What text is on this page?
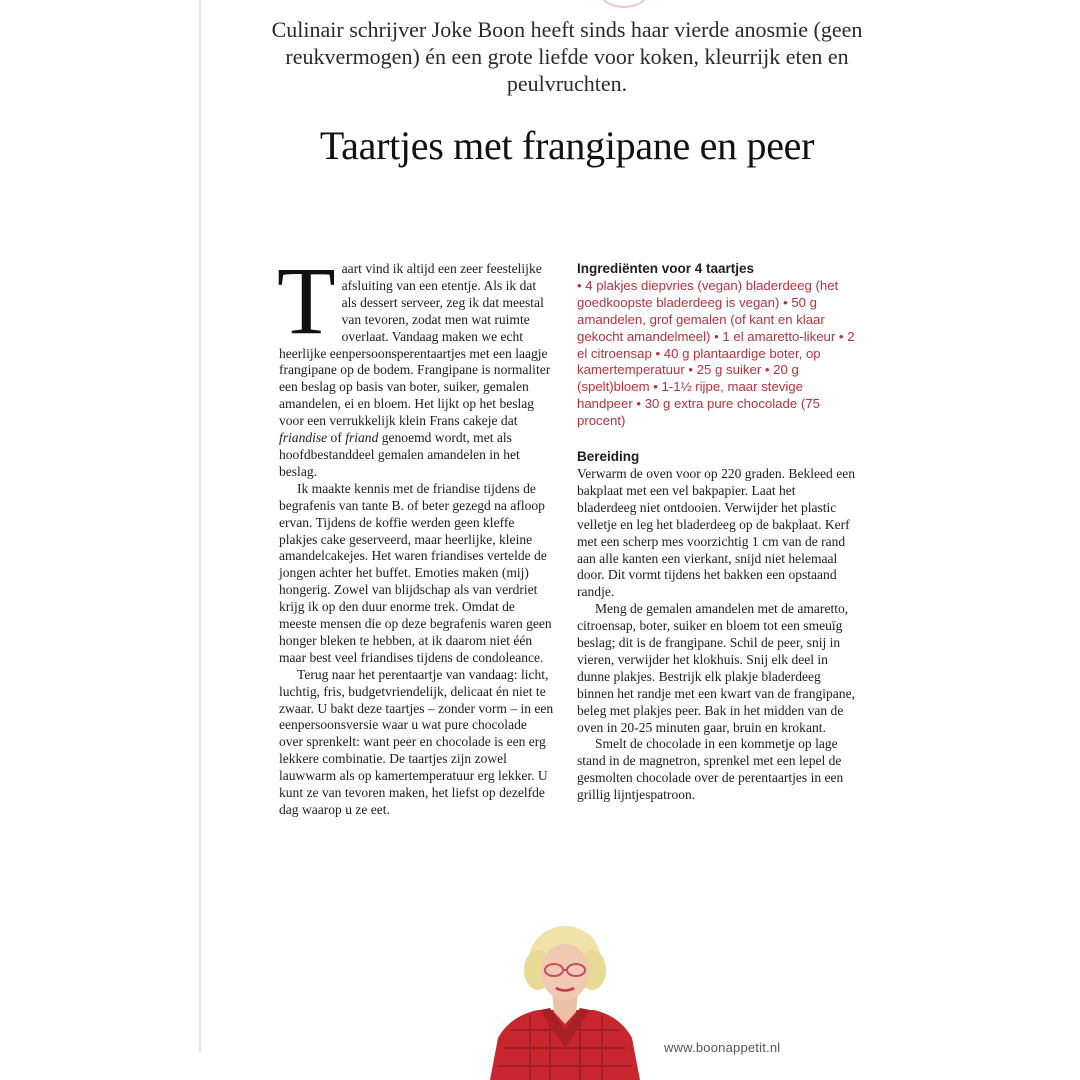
Culinair schrijver Joke Boon heeft sinds haar vierde anosmie (geen reukvermogen) én een grote liefde voor koken, kleurrijk eten en peulvruchten.

Taartjes met frangipane en peer
T aart vind ik altijd een zeer feestelijke afsluiting van een etentje. Als ik dat als dessert serveer, zeg ik dat meestal van tevoren, zodat men wat ruimte overlaat. Vandaag maken we echt heerlijke eenpersoonsperentaartjes met een laagje frangipane op de bodem. Frangipane is normaliter een beslag op basis van boter, suiker, gemalen amandelen, ei en bloem. Het lijkt op het beslag voor een verrukkelijk klein Frans cakeje dat friandise of friand genoemd wordt, met als hoofdbestanddeel gemalen amandelen in het beslag.

Ik maakte kennis met de friandise tijdens de begrafenis van tante B. of beter gezegd na afloop ervan. Tijdens de koffie werden geen kleffe plakjes cake geserveerd, maar heerlijke, kleine amandelcakejes. Het waren friandises vertelde de jongen achter het buffet. Emoties maken (mij) hongerig. Zowel van blijdschap als van verdriet krijg ik op den duur enorme trek. Omdat de meeste mensen die op deze begrafenis waren geen honger bleken te hebben, at ik daarom niet één maar best veel friandises tijdens de condoleance.

Terug naar het perentaartje van vandaag: licht, luchtig, fris, budgetvriendelijk, delicaat én niet te zwaar. U bakt deze taartjes – zonder vorm – in een eenpersoonsversie waar u wat pure chocolade over sprenkelt: want peer en chocolade is een erg lekkere combinatie. De taartjes zijn zowel lauwwarm als op kamertemperatuur erg lekker. U kunt ze van tevoren maken, het liefst op dezelfde dag waarop u ze eet.

Ingrediënten voor 4 taartjes

• 4 plakjes diepvries (vegan) bladerdeeg (het goedkoopste bladerdeeg is vegan) • 50 g amandelen, grof gemalen (of kant en klaar gekocht amandelmeel) • 1 el amaretto-likeur • 2 el citroensap • 40 g plantaardige boter, op kamertemperatuur • 25 g suiker • 20 g (spelt)bloem • 1-1½ rijpe, maar stevige handpeer • 30 g extra pure chocolade (75 procent)

Bereiding

Verwarm de oven voor op 220 graden. Bekleed een bakplaat met een vel bakpapier. Laat het bladerdeeg niet ontdooien. Verwijder het plastic velletje en leg het bladerdeeg op de bakplaat. Kerf met een scherp mes voorzichtig 1 cm van de rand aan alle kanten een vierkant, snijd niet helemaal door. Dit vormt tijdens het bakken een opstaand randje.

Meng de gemalen amandelen met de amaretto, citroensap, boter, suiker en bloem tot een smeuïg beslag; dit is de frangipane. Schil de peer, snij in vieren, verwijder het klokhuis. Snij elk deel in dunne plakjes. Bestrijk elk plakje bladerdeeg binnen het randje met een kwart van de frangipane, beleg met plakjes peer. Bak in het midden van de oven in 20-25 minuten gaar, bruin en krokant.

Smelt de chocolade in een kommetje op lage stand in de magnetron, sprenkel met een lepel de gesmolten chocolade over de perentaartjes in een grillig lijntjespatroon.

www.boonappetit.nl
